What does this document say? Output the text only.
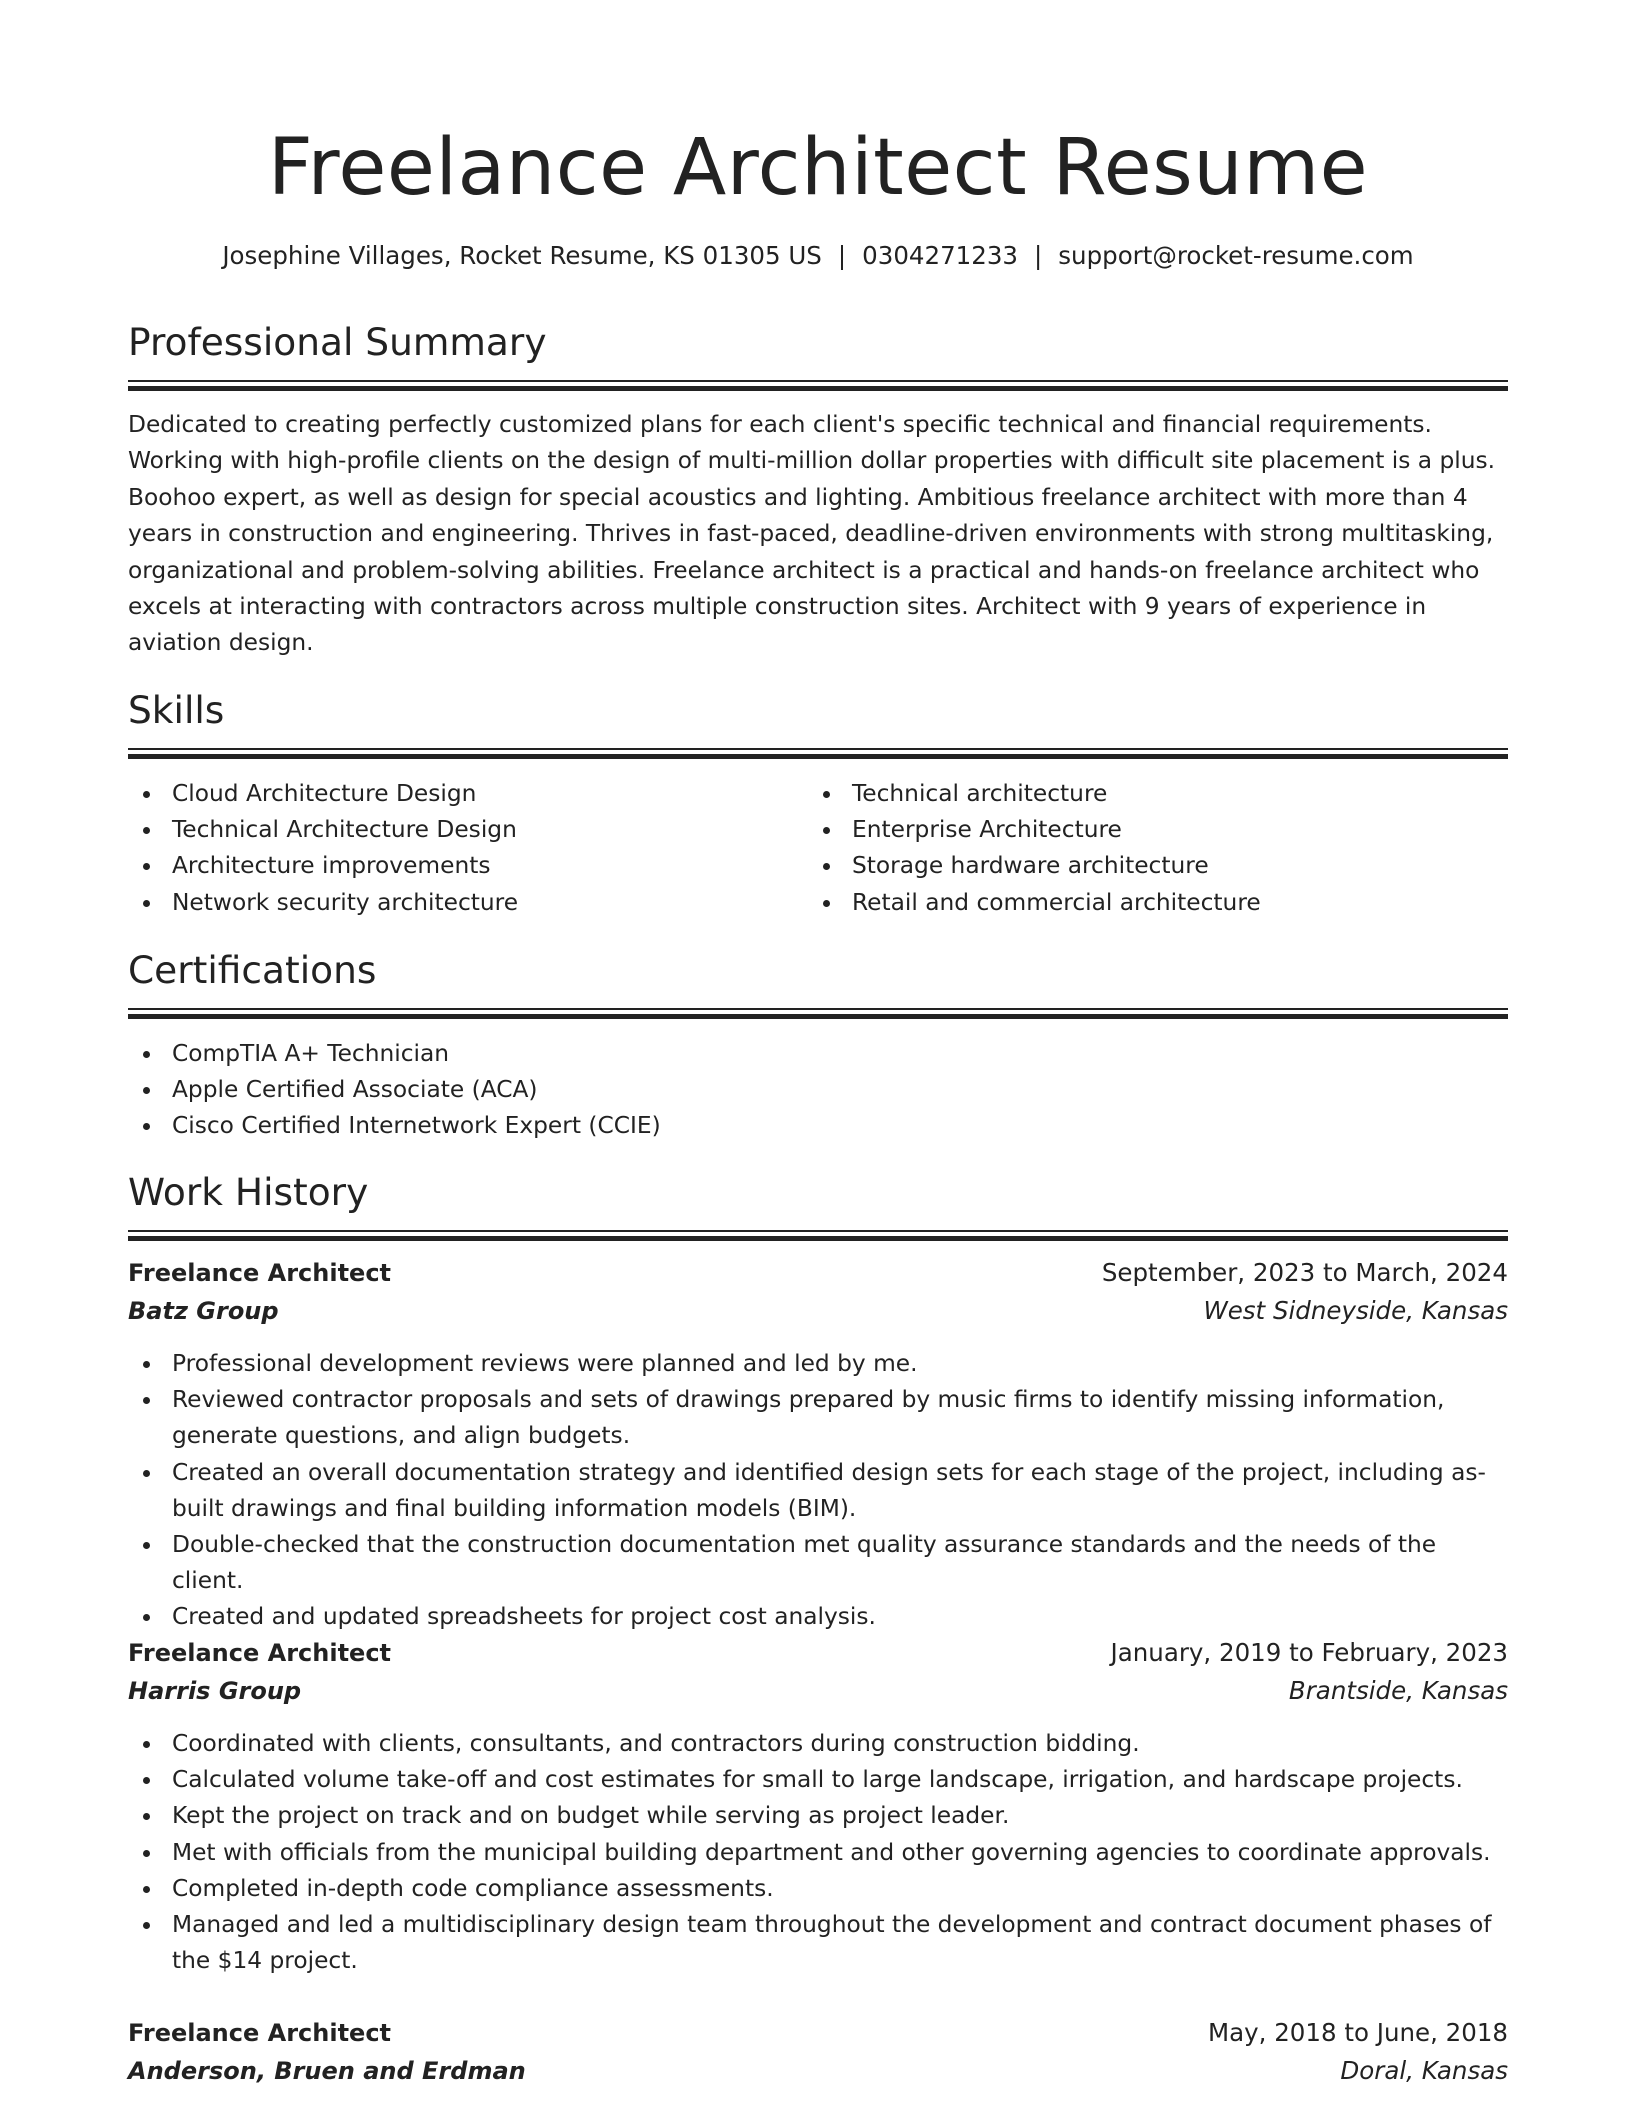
Freelance Architect Resume
Josephine Villages, Rocket Resume, KS 01305 US | 0304271233 | support@rocket-resume.com
Professional Summary

Dedicated to creating perfectly customized plans for each client's specific technical and financial requirements. Working with high-profile clients on the design of multi-million dollar properties with difficult site placement is a plus. Boohoo expert, as well as design for special acoustics and lighting. Ambitious freelance architect with more than 4 years in construction and engineering. Thrives in fast-paced, deadline-driven environments with strong multitasking, organizational and problem-solving abilities. Freelance architect is a practical and hands-on freelance architect who excels at interacting with contractors across multiple construction sites. Architect with 9 years of experience in aviation design.

Skills
Cloud Architecture Design
Technical Architecture Design
Architecture improvements
Network security architecture
Technical architecture
Enterprise Architecture
Storage hardware architecture
Retail and commercial architecture
Certifications
CompTIA A+ Technician
Apple Certified Associate (ACA)
Cisco Certified Internetwork Expert (CCIE)
Work History
Freelance Architect	September, 2023 to March, 2024
Batz Group	West Sidneyside, Kansas
Professional development reviews were planned and led by me.
Reviewed contractor proposals and sets of drawings prepared by music firms to identify missing information, generate questions, and align budgets.
Created an overall documentation strategy and identified design sets for each stage of the project, including as-built drawings and final building information models (BIM).
Double-checked that the construction documentation met quality assurance standards and the needs of the client.
Created and updated spreadsheets for project cost analysis.
Freelance Architect	January, 2019 to February, 2023
Harris Group	Brantside, Kansas
Coordinated with clients, consultants, and contractors during construction bidding.
Calculated volume take-off and cost estimates for small to large landscape, irrigation, and hardscape projects.
Kept the project on track and on budget while serving as project leader.
Met with officials from the municipal building department and other governing agencies to coordinate approvals.
Completed in-depth code compliance assessments.
Managed and led a multidisciplinary design team throughout the development and contract document phases of the $14 project.
Freelance Architect	May, 2018 to June, 2018
Anderson, Bruen and Erdman	Doral, Kansas
